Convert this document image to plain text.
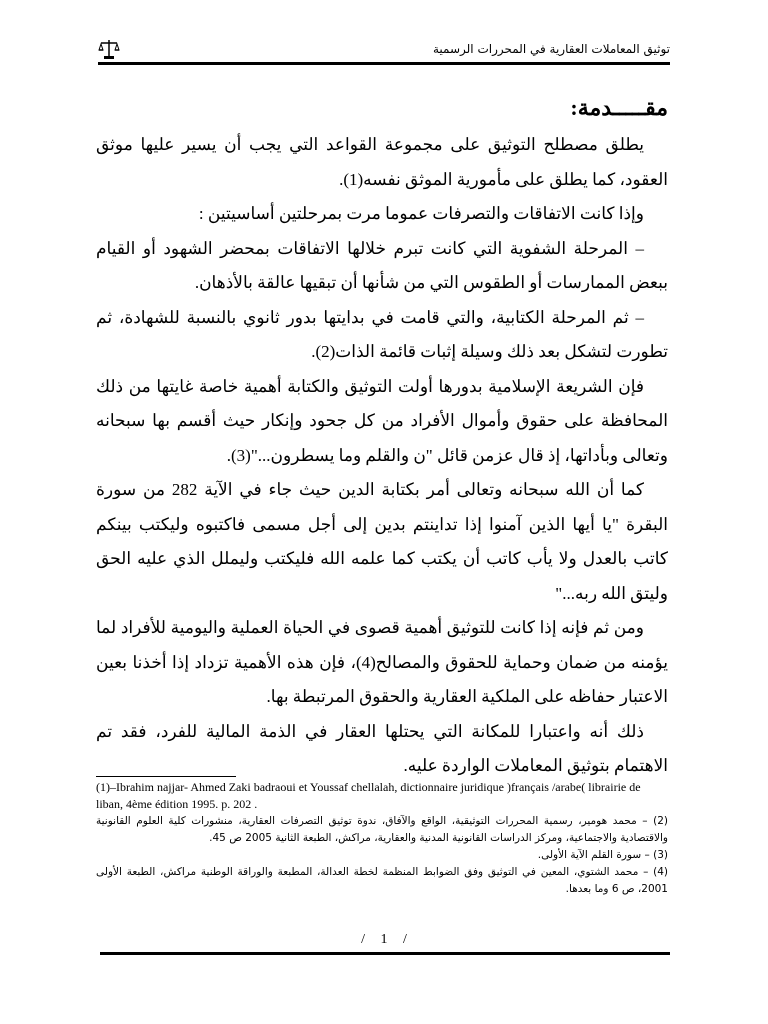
توثيق المعاملات العقارية في المحررات الرسمية
مقـــــدمة:

يطلق مصطلح التوثيق على مجموعة القواعد التي يجب أن يسير عليها موثق العقود، كما يطلق على مأمورية الموثق نفسه(1).

وإذا كانت الاتفاقات والتصرفات عموما مرت بمرحلتين أساسيتين :

– المرحلة الشفوية التي كانت تبرم خلالها الاتفاقات بمحضر الشهود أو القيام ببعض الممارسات أو الطقوس التي من شأنها أن تبقيها عالقة بالأذهان.

– ثم المرحلة الكتابية، والتي قامت في بدايتها بدور ثانوي بالنسبة للشهادة، ثم تطورت لتشكل بعد ذلك وسيلة إثبات قائمة الذات(2).

فإن الشريعة الإسلامية بدورها أولت التوثيق والكتابة أهمية خاصة غايتها من ذلك المحافظة على حقوق وأموال الأفراد من كل جحود وإنكار حيث أقسم بها سبحانه وتعالى وبأداتها، إذ قال عزمن قائل "ن والقلم وما يسطرون..."(3).

كما أن الله سبحانه وتعالى أمر بكتابة الدين حيث جاء في الآية 282 من سورة البقرة "يا أيها الذين آمنوا إذا تداينتم بدين إلى أجل مسمى فاكتبوه وليكتب بينكم كاتب بالعدل ولا يأب كاتب أن يكتب كما علمه الله فليكتب وليملل الذي عليه الحق وليتق الله ربه..."

ومن ثم فإنه إذا كانت للتوثيق أهمية قصوى في الحياة العملية واليومية للأفراد لما يؤمنه من ضمان وحماية للحقوق والمصالح(4)، فإن هذه الأهمية تزداد إذا أخذنا بعين الاعتبار حفاظه على الملكية العقارية والحقوق المرتبطة بها.

ذلك أنه واعتبارا للمكانة التي يحتلها العقار في الذمة المالية للفرد، فقد تم الاهتمام بتوثيق المعاملات الواردة عليه.

(1)–Ibrahim najjar- Ahmed Zaki badraoui et Youssaf chellalah, dictionnaire juridique )français /arabe( librairie de liban, 4ème édition 1995. p. 202 .
(2) – محمد هومير، رسمية المحررات التوثيقية، الواقع والآفاق، ندوة توثيق التصرفات العقارية، منشورات كلية العلوم القانونية والاقتصادية والاجتماعية، ومركز الدراسات القانونية المدنية والعقارية، مراكش، الطبعة الثانية 2005 ص 45.
(3) – سورة القلم الآية الأولى.
(4) – محمد الشتوي، المعين في التوثيق وفق الضوابط المنظمة لخطة العدالة، المطبعة والوراقة الوطنية مراكش، الطبعة الأولى 2001، ص 6 وما بعدها.
/ 1 /
